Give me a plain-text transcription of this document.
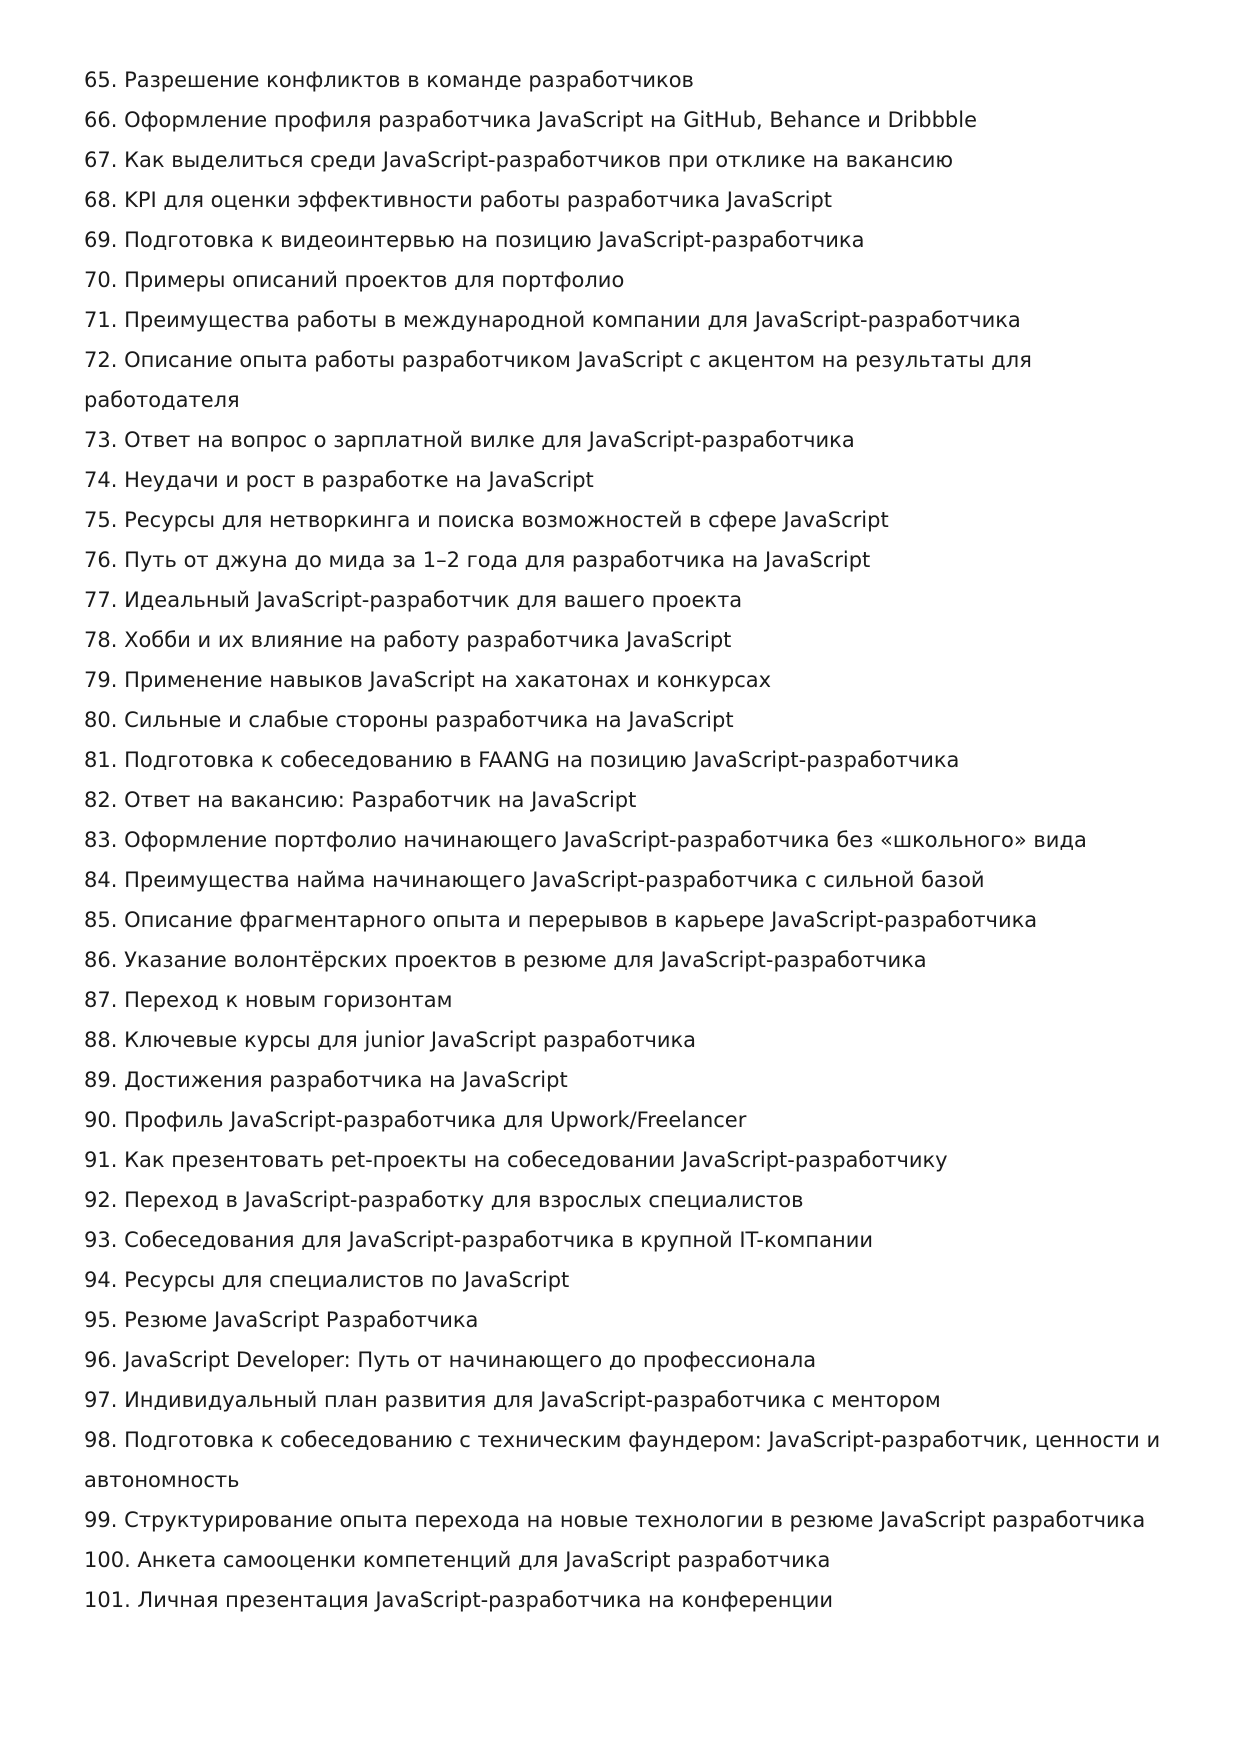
65. Разрешение конфликтов в команде разработчиков
66. Оформление профиля разработчика JavaScript на GitHub, Behance и Dribbble
67. Как выделиться среди JavaScript-разработчиков при отклике на вакансию
68. KPI для оценки эффективности работы разработчика JavaScript
69. Подготовка к видеоинтервью на позицию JavaScript-разработчика
70. Примеры описаний проектов для портфолио
71. Преимущества работы в международной компании для JavaScript-разработчика
72. Описание опыта работы разработчиком JavaScript с акцентом на результаты для работодателя
73. Ответ на вопрос о зарплатной вилке для JavaScript-разработчика
74. Неудачи и рост в разработке на JavaScript
75. Ресурсы для нетворкинга и поиска возможностей в сфере JavaScript
76. Путь от джуна до мида за 1–2 года для разработчика на JavaScript
77. Идеальный JavaScript-разработчик для вашего проекта
78. Хобби и их влияние на работу разработчика JavaScript
79. Применение навыков JavaScript на хакатонах и конкурсах
80. Сильные и слабые стороны разработчика на JavaScript
81. Подготовка к собеседованию в FAANG на позицию JavaScript-разработчика
82. Ответ на вакансию: Разработчик на JavaScript
83. Оформление портфолио начинающего JavaScript-разработчика без «школьного» вида
84. Преимущества найма начинающего JavaScript-разработчика с сильной базой
85. Описание фрагментарного опыта и перерывов в карьере JavaScript-разработчика
86. Указание волонтёрских проектов в резюме для JavaScript-разработчика
87. Переход к новым горизонтам
88. Ключевые курсы для junior JavaScript разработчика
89. Достижения разработчика на JavaScript
90. Профиль JavaScript-разработчика для Upwork/Freelancer
91. Как презентовать pet-проекты на собеседовании JavaScript-разработчику
92. Переход в JavaScript-разработку для взрослых специалистов
93. Собеседования для JavaScript-разработчика в крупной IT-компании
94. Ресурсы для специалистов по JavaScript
95. Резюме JavaScript Разработчика
96. JavaScript Developer: Путь от начинающего до профессионала
97. Индивидуальный план развития для JavaScript-разработчика с ментором
98. Подготовка к собеседованию с техническим фаундером: JavaScript-разработчик, ценности и автономность
99. Структурирование опыта перехода на новые технологии в резюме JavaScript разработчика
100. Анкета самооценки компетенций для JavaScript разработчика
101. Личная презентация JavaScript-разработчика на конференции
